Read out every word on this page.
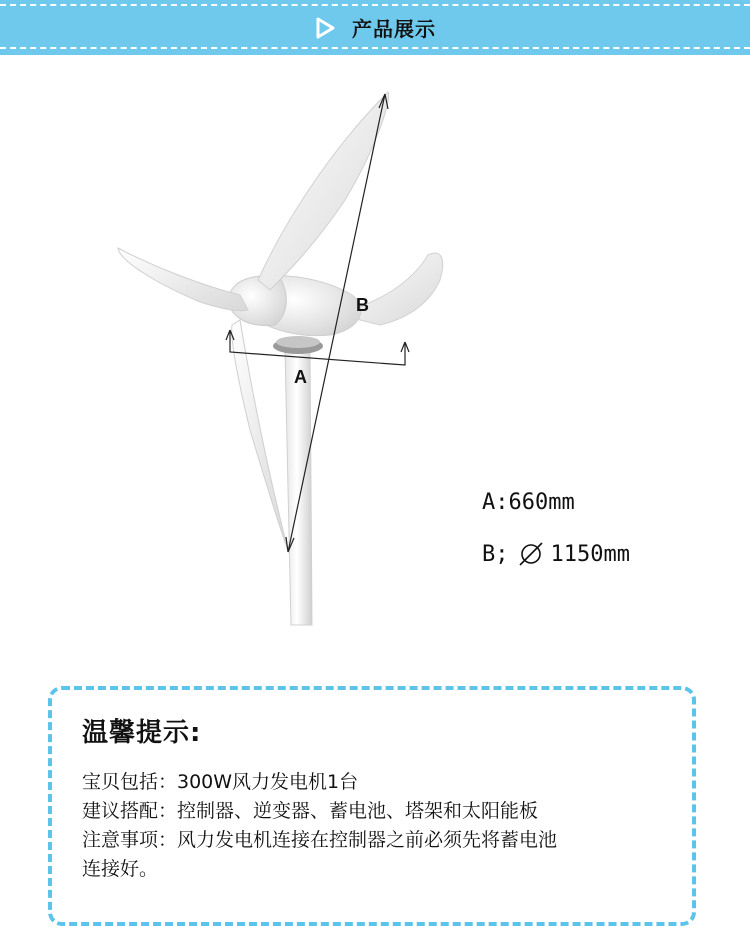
产品展示
B
A
A:660mm
B; 1150mm
温馨提示:
宝贝包括：300W风力发电机1台
建议搭配：控制器、逆变器、蓄电池、塔架和太阳能板
注意事项：风力发电机连接在控制器之前必须先将蓄电池
连接好。
